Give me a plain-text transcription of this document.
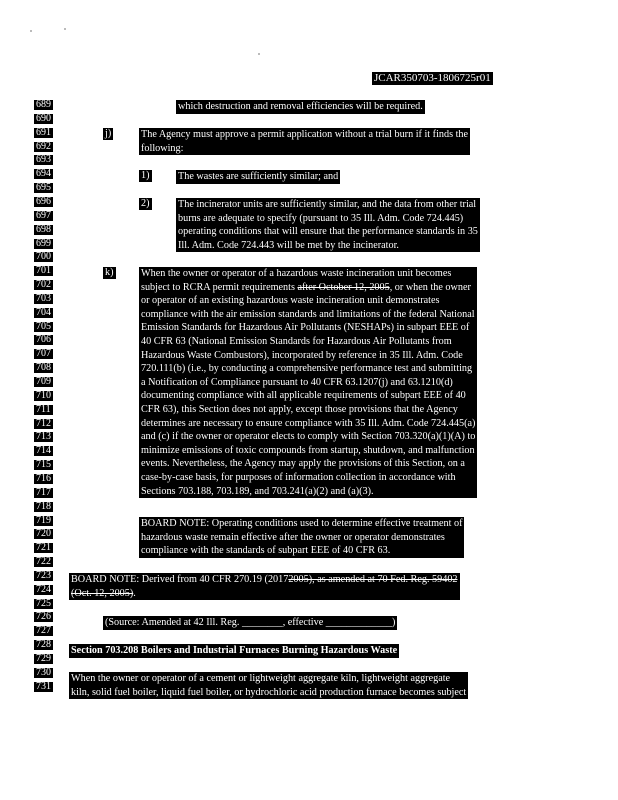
JCAR350703-1806725r01
689
690
691
692
693
694
695
696
697
698
699
700
701
702
703
704
705
706
707
708
709
710
711
712
713
714
715
716
717
718
719
720
721
722
723
724
725
726
727
728
729
730
731
which destruction and removal efficiencies will be required.
j)	The Agency must approve a permit application without a trial burn if it finds the
following:
1)	The wastes are sufficiently similar; and
2)	The incinerator units are sufficiently similar, and the data from other trial
burns are adequate to specify (pursuant to 35 Ill. Adm. Code 724.445)
operating conditions that will ensure that the performance standards in 35
Ill. Adm. Code 724.443 will be met by the incinerator.
k)	When the owner or operator of a hazardous waste incineration unit becomes
subject to RCRA permit requirements after October 12, 2005, or when the owner
or operator of an existing hazardous waste incineration unit demonstrates
compliance with the air emission standards and limitations of the federal National
Emission Standards for Hazardous Air Pollutants (NESHAPs) in subpart EEE of
40 CFR 63 (National Emission Standards for Hazardous Air Pollutants from
Hazardous Waste Combustors), incorporated by reference in 35 Ill. Adm. Code
720.111(b) (i.e., by conducting a comprehensive performance test and submitting
a Notification of Compliance pursuant to 40 CFR 63.1207(j) and 63.1210(d)
documenting compliance with all applicable requirements of subpart EEE of 40
CFR 63), this Section does not apply, except those provisions that the Agency
determines are necessary to ensure compliance with 35 Ill. Adm. Code 724.445(a)
and (c) if the owner or operator elects to comply with Section 703.320(a)(1)(A) to
minimize emissions of toxic compounds from startup, shutdown, and malfunction
events. Nevertheless, the Agency may apply the provisions of this Section, on a
case-by-case basis, for purposes of information collection in accordance with
Sections 703.188, 703.189, and 703.241(a)(2) and (a)(3).
BOARD NOTE: Operating conditions used to determine effective treatment of
hazardous waste remain effective after the owner or operator demonstrates
compliance with the standards of subpart EEE of 40 CFR 63.
BOARD NOTE: Derived from 40 CFR 270.19 (20172005), as amended at 70 Fed. Reg. 59402
(Oct. 12, 2005).
(Source: Amended at 42 Ill. Reg. ________, effective _____________)
Section 703.208 Boilers and Industrial Furnaces Burning Hazardous Waste
When the owner or operator of a cement or lightweight aggregate kiln, lightweight aggregate
kiln, solid fuel boiler, liquid fuel boiler, or hydrochloric acid production furnace becomes subject
